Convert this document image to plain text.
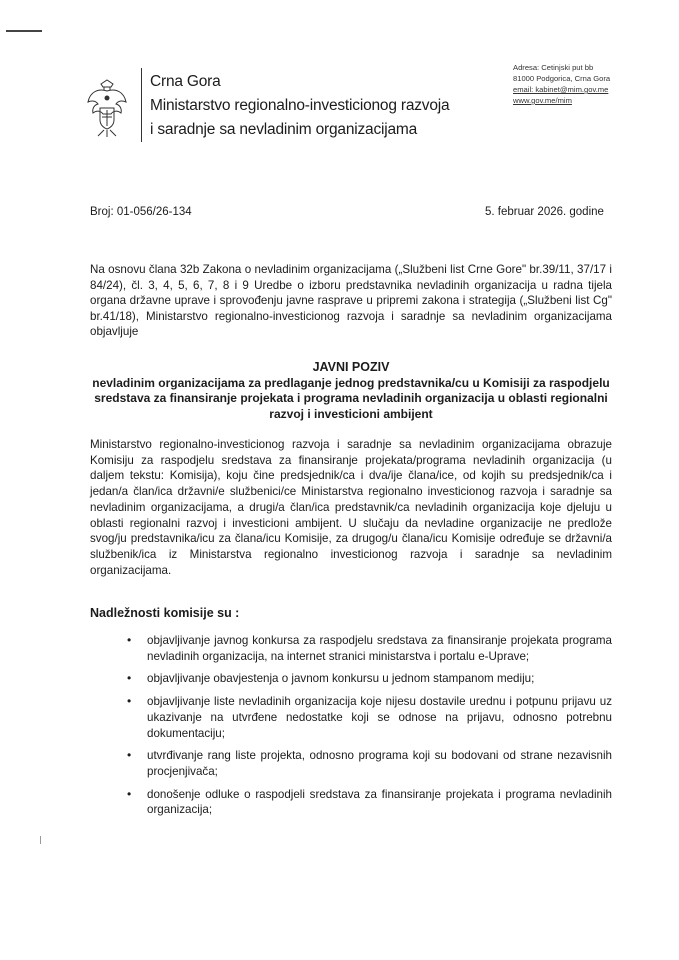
Crna Gora
Ministarstvo regionalno-investicionog razvoja
i saradnje sa nevladinim organizacijama
Adresa: Cetinjski put bb
81000 Podgorica, Crna Gora
email: kabinet@mim.gov.me
www.gov.me/mim
Broj: 01-056/26-134	5. februar 2026. godine
Na osnovu člana 32b Zakona o nevladinim organizacijama („Službeni list Crne Gore" br.39/11, 37/17 i 84/24), čl. 3, 4, 5, 6, 7, 8 i 9 Uredbe o izboru predstavnika nevladinih organizacija u radna tijela organa državne uprave i sprovođenju javne rasprave u pripremi zakona i strategija („Službeni list Cg" br.41/18), Ministarstvo regionalno-investicionog razvoja i saradnje sa nevladinim organizacijama objavljuje
JAVNI POZIV
nevladinim organizacijama za predlaganje jednog predstavnika/cu u Komisiji za raspodjelu sredstava za finansiranje projekata i programa nevladinih organizacija u oblasti regionalni razvoj i investicioni ambijent
Ministarstvo regionalno-investicionog razvoja i saradnje sa nevladinim organizacijama obrazuje Komisiju za raspodjelu sredstava za finansiranje projekata/programa nevladinih organizacija (u daljem tekstu: Komisija), koju čine predsjednik/ca i dva/ije člana/ice, od kojih su predsjednik/ca i jedan/a član/ica državni/e službenici/ce Ministarstva regionalno investicionog razvoja i saradnje sa nevladinim organizacijama, a drugi/a član/ica predstavnik/ca nevladinih organizacija koje djeluju u oblasti regionalni razvoj i investicioni ambijent. U slučaju da nevladine organizacije ne predlože svog/ju predstavnika/icu za člana/icu Komisije, za drugog/u člana/icu Komisije određuje se državni/a službenik/ica iz Ministarstva regionalno investicionog razvoja i saradnje sa nevladinim organizacijama.
Nadležnosti komisije su :
• objavljivanje javnog konkursa za raspodjelu sredstava za finansiranje projekata programa nevladinih organizacija, na internet stranici ministarstva i portalu e-Uprave;
• objavljivanje obavjestenja o javnom konkursu u jednom stampanom mediju;
• objavljivanje liste nevladinih organizacija koje nijesu dostavile urednu i potpunu prijavu uz ukazivanje na utvrđene nedostatke koji se odnose na prijavu, odnosno potrebnu dokumentaciju;
• utvrđivanje rang liste projekta, odnosno programa koji su bodovani od strane nezavisnih procjenjivača;
• donošenje odluke o raspodjeli sredstava za finansiranje projekata i programa nevladinih organizacija;
